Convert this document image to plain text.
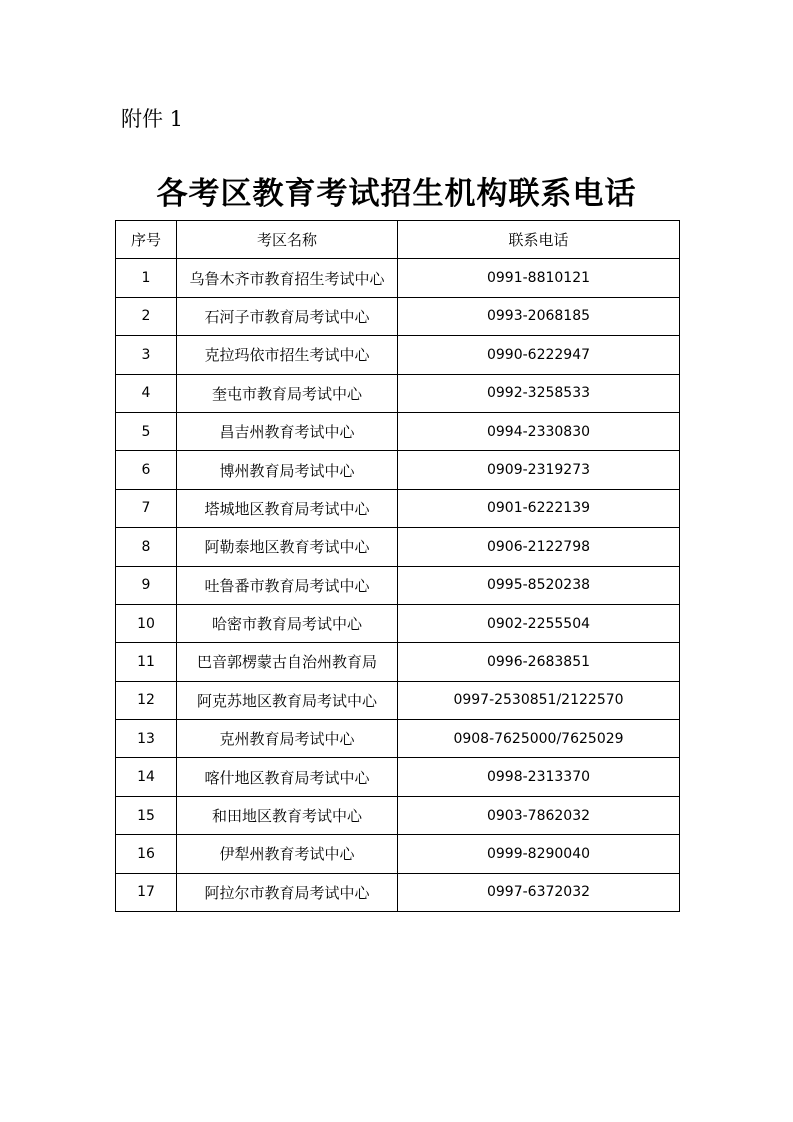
附件 1
各考区教育考试招生机构联系电话
序号	考区名称	联系电话
1	乌鲁木齐市教育招生考试中心	0991-8810121
2	石河子市教育局考试中心	0993-2068185
3	克拉玛依市招生考试中心	0990-6222947
4	奎屯市教育局考试中心	0992-3258533
5	昌吉州教育考试中心	0994-2330830
6	博州教育局考试中心	0909-2319273
7	塔城地区教育局考试中心	0901-6222139
8	阿勒泰地区教育考试中心	0906-2122798
9	吐鲁番市教育局考试中心	0995-8520238
10	哈密市教育局考试中心	0902-2255504
11	巴音郭楞蒙古自治州教育局	0996-2683851
12	阿克苏地区教育局考试中心	0997-2530851/2122570
13	克州教育局考试中心	0908-7625000/7625029
14	喀什地区教育局考试中心	0998-2313370
15	和田地区教育考试中心	0903-7862032
16	伊犁州教育考试中心	0999-8290040
17	阿拉尔市教育局考试中心	0997-6372032
